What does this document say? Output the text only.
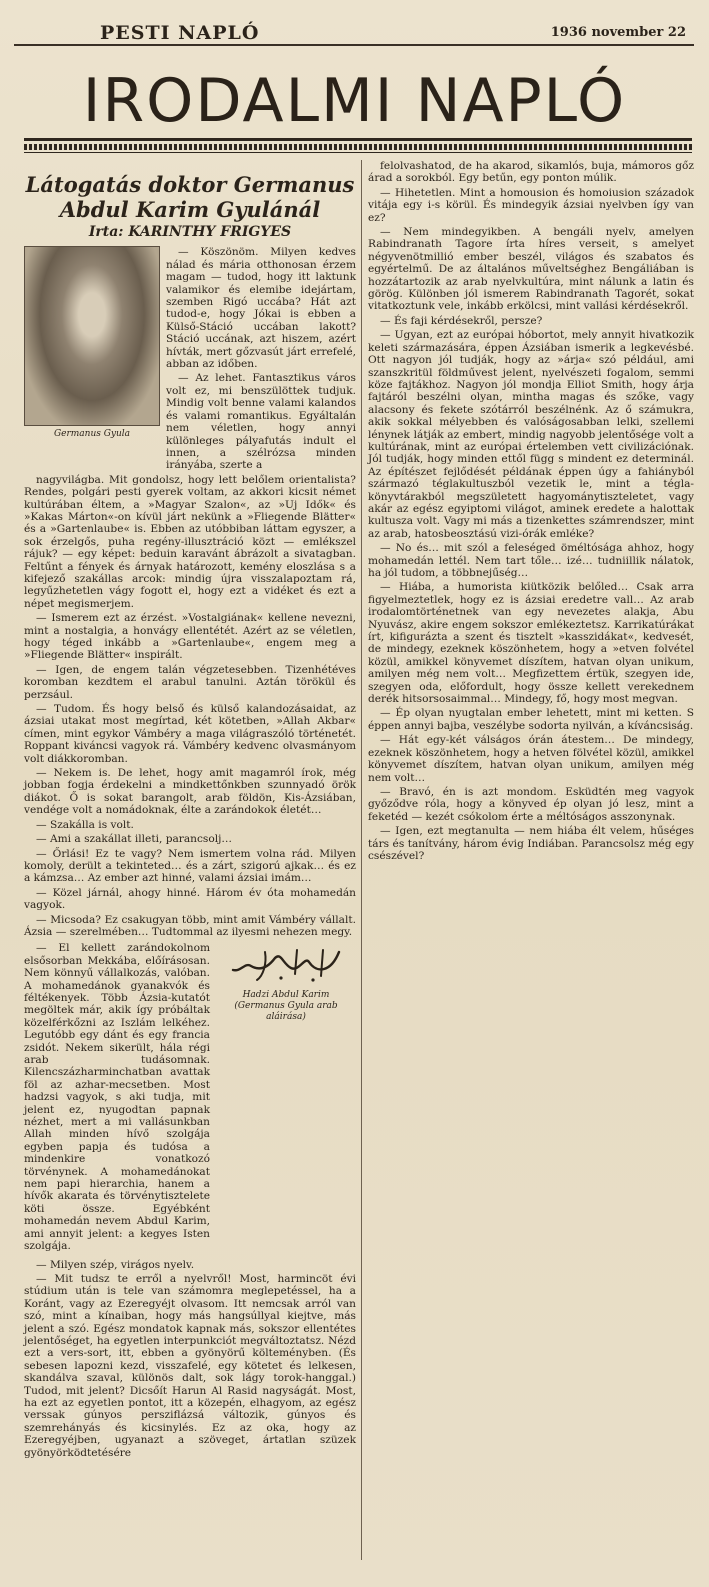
PESTI NAPLÓ	1936 november 22
IRODALMI NAPLÓ
Látogatás doktor Germanus
Abdul Karim Gyulánál
Irta: KARINTHY FRIGYES
Germanus Gyula

— Köszönöm. Milyen kedves nálad és mária otthonosan érzem magam — tudod, hogy itt laktunk valamikor és elemibe idejártam, szemben Rigó uccába? Hát azt tudod-e, hogy Jókai is ebben a Külső-Stáció uccában lakott? Stáció uccának, azt hiszem, azért hívták, mert gőzvasút járt errefelé, abban az időben.

— Az lehet. Fantasztikus város volt ez, mi benszülöttek tudjuk. Mindig volt benne valami kalandos és valami romantikus. Egyáltalán nem véletlen, hogy annyi különleges pályafutás indult el innen, a szélrózsa minden irányába, szerte a

nagyvilágba. Mit gondolsz, hogy lett belőlem orientalista? Rendes, polgári pesti gyerek voltam, az akkori kicsit német kultúrában éltem, a »Magyar Szalon«, az »Uj Idők« és »Kakas Márton«-on kívül járt nekünk a »Fliegende Blätter« és a »Gartenlaube« is. Ebben az utóbbiban láttam egyszer, a sok érzelgős, puha regény-illusztráció közt — emlékszel rájuk? — egy képet: beduin karavánt ábrázolt a sivatagban. Feltűnt a fények és árnyak határozott, kemény eloszlása s a kifejező szakállas arcok: mindig újra visszalapoztam rá, legyűzhetetlen vágy fogott el, hogy ezt a vidéket és ezt a népet megismerjem.

— Ismerem ezt az érzést. »Vostalgiának« kellene nevezni, mint a nostalgia, a honvágy ellentétét. Azért az se véletlen, hogy téged inkább a »Gartenlaube«, engem meg a »Fliegende Blätter« inspirált.

— Igen, de engem talán végzetesebben. Tizenhétéves koromban kezdtem el arabul tanulni. Aztán törökül és perzsául.

— Tudom. És hogy belső és külső kalandozásaidat, az ázsiai utakat most megírtad, két kötetben, »Allah Akbar« címen, mint egykor Vámbéry a maga világraszóló történetét. Roppant kiváncsi vagyok rá. Vámbéry kedvenc olvasmányom volt diákkoromban.

— Nekem is. De lehet, hogy amit magamról írok, még jobban fogja érdekelni a mindkettőnkben szunnyadó örök diákot. Ő is sokat barangolt, arab földön, Kis-Ázsiában, vendége volt a nomádoknak, élte a zarándokok életét…

— Szakálla is volt.

— Ami a szakállat illeti, parancsolj…

— Őrlási! Ez te vagy? Nem ismertem volna rád. Milyen komoly, derült a tekinteted… és a zárt, szigorú ajkak… és ez a kámzsa… Az ember azt hinné, valami ázsiai imám…

— Közel járnál, ahogy hinné. Három év óta mohamedán vagyok.

— Micsoda? Ez csakugyan több, mint amit Vámbéry vállalt. Ázsia — szerelmében… Tudtommal az ilyesmi nehezen megy.

— El kellett zarándokolnom elsősorban Mekkába, előírásosan. Nem könnyű vállalkozás, valóban. A mohamedánok gyanakvók és féltékenyek. Több Ázsia-kutatót megöltek már, akik így próbáltak közelférkőzni az Iszlám lelkéhez. Legutóbb egy dánt és egy francia zsidót. Nekem sikerült, hála régi arab tudásomnak. Kilencszázharminchatban avattak föl az azhar-mecsetben. Most hadzsi vagyok, s aki tudja, mit jelent ez, nyugodtan papnak nézhet, mert a mi vallásunkban Allah minden hívő szolgája egyben papja és tudósa a mindenkire vonatkozó törvénynek. A mohamedánokat nem papi hierarchia, hanem a hívők akarata és törvénytisztelete köti össze. Egyébként mohamedán nevem Abdul Karim, ami annyit jelent: a kegyes Isten szolgája.

Hadzi Abdul Karim (Germanus Gyula arab aláirása)

— Milyen szép, virágos nyelv.

— Mit tudsz te erről a nyelvről! Most, harmincöt évi stúdium után is tele van számomra meglepetéssel, ha a Koránt, vagy az Ezeregyéjt olvasom. Itt nemcsak arról van szó, mint a kínaiban, hogy más hangsúllyal kiejtve, más jelent a szó. Egész mondatok kapnak más, sokszor ellentétes jelentőséget, ha egyetlen interpunkciót megváltoztatsz. Nézd ezt a vers-sort, itt, ebben a gyönyörű költeményben. (És sebesen lapozni kezd, visszafelé, egy kötetet és lelkesen, skandálva szaval, különös dalt, sok lágy torok-hanggal.) Tudod, mit jelent? Dicsőít Harun Al Rasid nagyságát. Most, ha ezt az egyetlen pontot, itt a közepén, elhagyom, az egész verssak gúnyos persziflázsá változik, gúnyos és szemrehányás és kicsinylés. Ez az oka, hogy az Ezeregyéjben, ugyanazt a szöveget, ártatlan szüzek gyönyörködtetésére

felolvashatod, de ha akarod, sikamlós, buja, mámoros gőz árad a sorokból. Egy betűn, egy ponton múlik.

— Hihetetlen. Mint a homousion és homoiusion századok vitája egy i-s körül. És mindegyik ázsiai nyelvben így van ez?

— Nem mindegyikben. A bengáli nyelv, amelyen Rabindranath Tagore írta híres verseit, s amelyet négyvenötmillió ember beszél, világos és szabatos és egyértelmű. De az általános műveltséghez Bengáliában is hozzátartozik az arab nyelvkultúra, mint nálunk a latin és görög. Különben jól ismerem Rabindranath Tagorét, sokat vitatkoztunk vele, inkább erkölcsi, mint vallási kérdésekről.

— És faji kérdésekről, persze?

— Ugyan, ezt az európai hóbortot, mely annyit hivatkozik keleti származására, éppen Ázsiában ismerik a legkevésbé. Ott nagyon jól tudják, hogy az »árja« szó például, ami szanszkritül földművest jelent, nyelvészeti fogalom, semmi köze fajtákhoz. Nagyon jól mondja Elliot Smith, hogy árja fajtáról beszélni olyan, mintha magas és szőke, vagy alacsony és fekete szótárról beszélnénk. Az ő számukra, akik sokkal mélyebben és valóságosabban lelki, szellemi lénynek látják az embert, mindig nagyobb jelentősége volt a kultúrának, mint az európai értelemben vett civilizációnak. Jól tudják, hogy minden ettől függ s mindent ez determinál. Az építészet fejlődését példának éppen úgy a fahiányból származó téglakultuszból vezetik le, mint a tégla-könyvtárakból megszületett hagyománytiszteletet, vagy akár az egész egyiptomi világot, aminek eredete a halottak kultusza volt. Vagy mi más a tizenkettes számrendszer, mint az arab, hatosbeosztású vizi-órák emléke?

— No és… mit szól a feleséged öméltósága ahhoz, hogy mohamedán lettél. Nem tart tőle… izé… tudniillik nálatok, ha jól tudom, a többnejűség…

— Hiába, a humorista kiütközik belőled… Csak arra figyelmeztetlek, hogy ez is ázsiai eredetre vall… Az arab irodalomtörténetnek van egy nevezetes alakja, Abu Nyuvász, akire engem sokszor emlékeztetsz. Karrikatúrákat írt, kifigurázta a szent és tisztelt »kasszidákat«, kedvesét, de mindegy, ezeknek köszönhetem, hogy a »etven folvétel közül, amikkel könyvemet díszítem, hatvan olyan unikum, amilyen még nem volt… Megfizettem értük, szegyen ide, szegyen oda, előfordult, hogy össze kellett verekednem derék hitsorsosaimmal… Mindegy, fő, hogy most megvan.

— Ép olyan nyugtalan ember lehetett, mint mi ketten. S éppen annyi bajba, veszélybe sodorta nyilván, a kíváncsiság.

— Hát egy-két válságos órán átestem… De mindegy, ezeknek köszönhetem, hogy a hetven fölvétel közül, amikkel könyvemet díszítem, hatvan olyan unikum, amilyen még nem volt…

— Bravó, én is azt mondom. Esküdtén meg vagyok győződve róla, hogy a könyved ép olyan jó lesz, mint a feketéd — kezét csókolom érte a méltóságos asszonynak.

— Igen, ezt megtanulta — nem hiába élt velem, hűséges társ és tanítvány, három évig Indiában. Parancsolsz még egy csészével?
